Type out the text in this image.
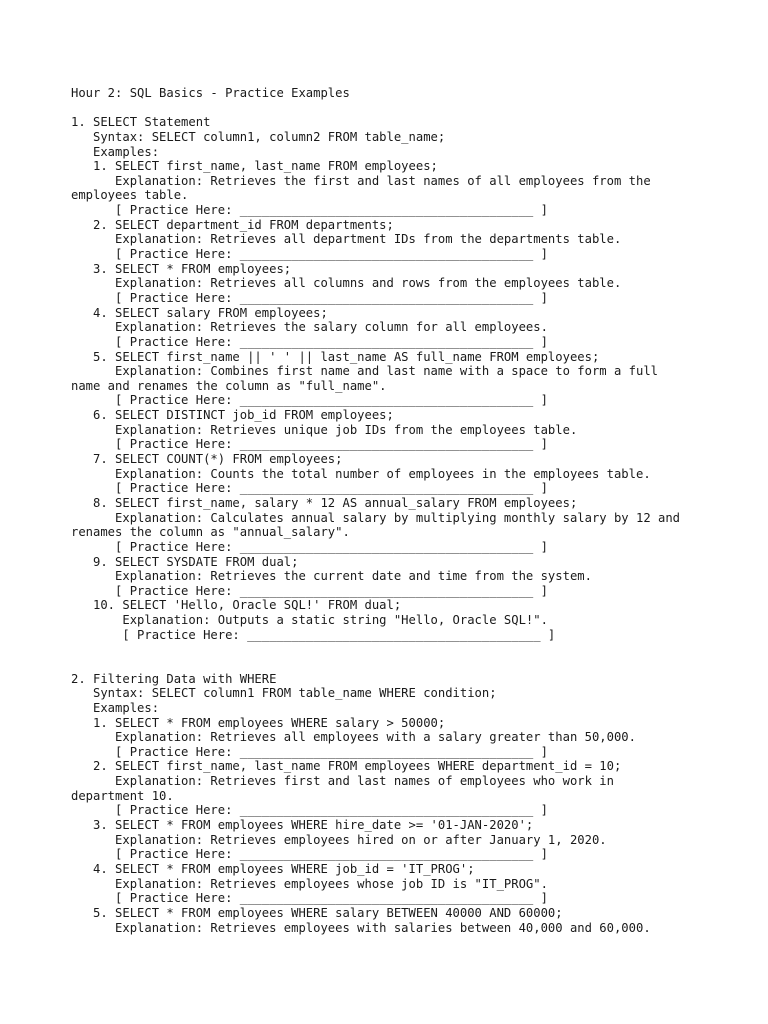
Hour 2: SQL Basics - Practice Examples
1. SELECT Statement
Syntax: SELECT column1, column2 FROM table_name;
Examples:
1. SELECT first_name, last_name FROM employees;
Explanation: Retrieves the first and last names of all employees from the
employees table.
[ Practice Here: ________________________________________ ]
2. SELECT department_id FROM departments;
Explanation: Retrieves all department IDs from the departments table.
[ Practice Here: ________________________________________ ]
3. SELECT * FROM employees;
Explanation: Retrieves all columns and rows from the employees table.
[ Practice Here: ________________________________________ ]
4. SELECT salary FROM employees;
Explanation: Retrieves the salary column for all employees.
[ Practice Here: ________________________________________ ]
5. SELECT first_name || ' ' || last_name AS full_name FROM employees;
Explanation: Combines first name and last name with a space to form a full
name and renames the column as "full_name".
[ Practice Here: ________________________________________ ]
6. SELECT DISTINCT job_id FROM employees;
Explanation: Retrieves unique job IDs from the employees table.
[ Practice Here: ________________________________________ ]
7. SELECT COUNT(*) FROM employees;
Explanation: Counts the total number of employees in the employees table.
[ Practice Here: ________________________________________ ]
8. SELECT first_name, salary * 12 AS annual_salary FROM employees;
Explanation: Calculates annual salary by multiplying monthly salary by 12 and
renames the column as "annual_salary".
[ Practice Here: ________________________________________ ]
9. SELECT SYSDATE FROM dual;
Explanation: Retrieves the current date and time from the system.
[ Practice Here: ________________________________________ ]
10. SELECT 'Hello, Oracle SQL!' FROM dual;
Explanation: Outputs a static string "Hello, Oracle SQL!".
[ Practice Here: ________________________________________ ]
2. Filtering Data with WHERE
Syntax: SELECT column1 FROM table_name WHERE condition;
Examples:
1. SELECT * FROM employees WHERE salary > 50000;
Explanation: Retrieves all employees with a salary greater than 50,000.
[ Practice Here: ________________________________________ ]
2. SELECT first_name, last_name FROM employees WHERE department_id = 10;
Explanation: Retrieves first and last names of employees who work in
department 10.
[ Practice Here: ________________________________________ ]
3. SELECT * FROM employees WHERE hire_date >= '01-JAN-2020';
Explanation: Retrieves employees hired on or after January 1, 2020.
[ Practice Here: ________________________________________ ]
4. SELECT * FROM employees WHERE job_id = 'IT_PROG';
Explanation: Retrieves employees whose job ID is "IT_PROG".
[ Practice Here: ________________________________________ ]
5. SELECT * FROM employees WHERE salary BETWEEN 40000 AND 60000;
Explanation: Retrieves employees with salaries between 40,000 and 60,000.
